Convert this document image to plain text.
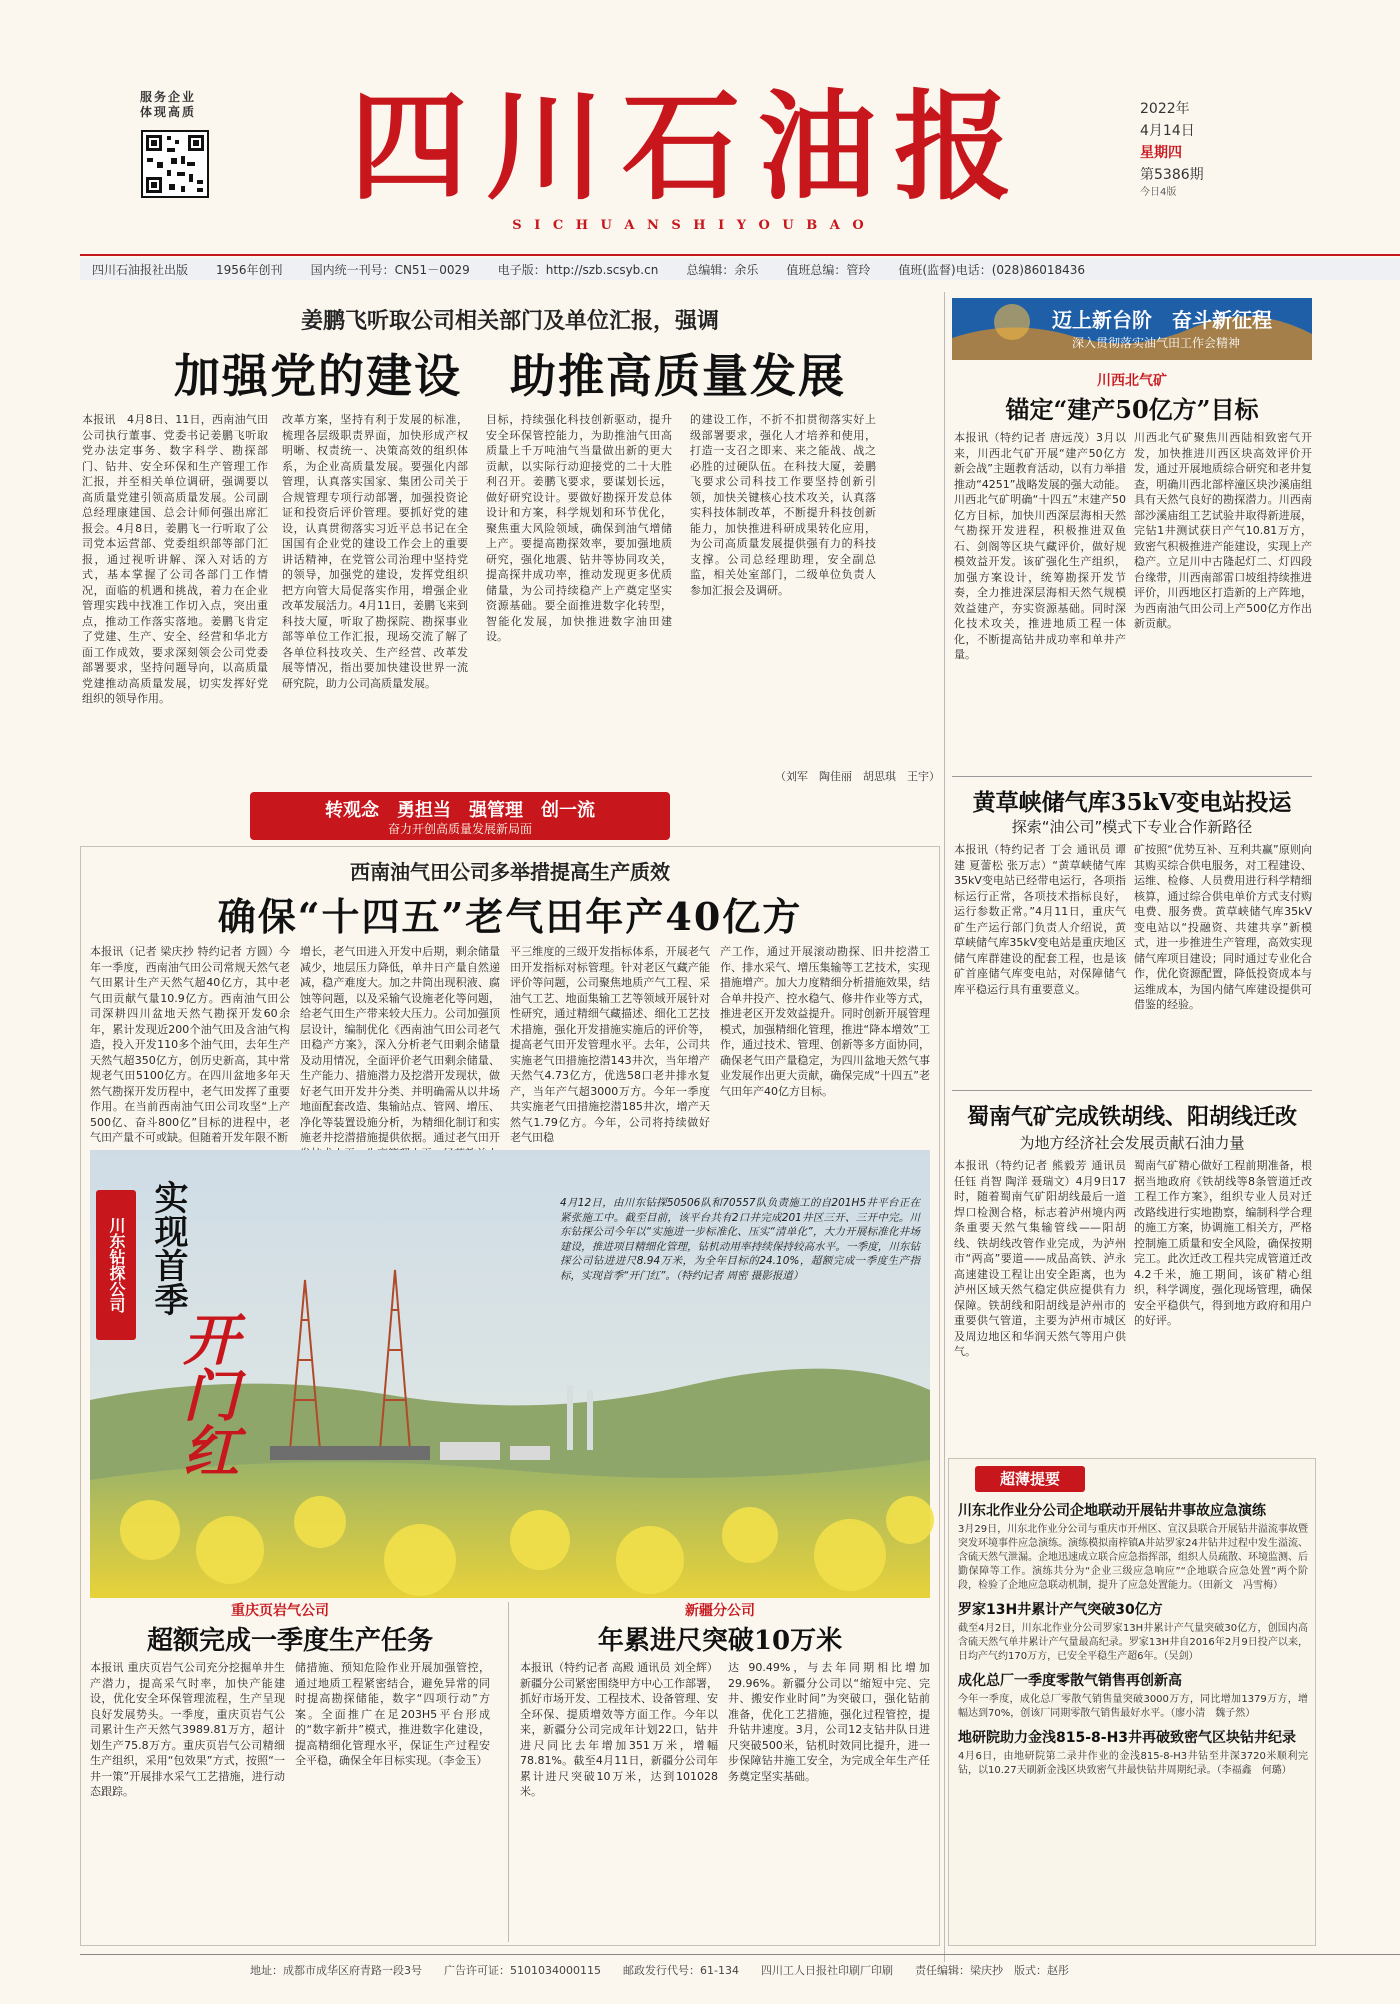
服务企业
体现高质 四川石油报
S I C H U A N S H I Y O U B A O
2022年
4月14日
星期四
第5386期
今日4版
四川石油报社出版 1956年创刊 国内统一刊号：CN51－0029 电子版：http://szb.scsyb.cn 总编辑：余乐 值班总编：管玲 值班(监督)电话：(028)86018436
姜鹏飞听取公司相关部门及单位汇报，强调
加强党的建设　助推高质量发展
本报讯　4月8日、11日，西南油气田公司执行董事、党委书记姜鹏飞听取党办法定事务、数字科学、勘探部门、钻井、安全环保和生产管理工作汇报，并至相关单位调研，强调要以高质量党建引领高质量发展。公司副总经理康建国、总会计师何强出席汇报会。4月8日，姜鹏飞一行听取了公司党本运营部、党委组织部等部门汇报，通过视听讲解、深入对话的方式，基本掌握了公司各部门工作情况，面临的机遇和挑战，着力在企业管理实践中找准工作切入点，突出重点，推动工作落实落地。姜鹏飞肯定了党建、生产、安全、经营和华北方面工作成效，要求深刻领会公司党委部署要求，坚持问题导向，以高质量党建推动高质量发展，切实发挥好党组织的领导作用。
改革方案，坚持有利于发展的标准，梳理各层级职责界面，加快形成产权明晰、权责统一、决策高效的组织体系，为企业高质量发展。要强化内部管理，认真落实国家、集团公司关于合规管理专项行动部署，加强投资论证和投资后评价管理。要抓好党的建设，认真贯彻落实习近平总书记在全国国有企业党的建设工作会上的重要讲话精神，在党管公司治理中坚持党的领导，加强党的建设，发挥党组织把方向管大局促落实作用，增强企业改革发展活力。4月11日，姜鹏飞来到科技大厦，听取了勘探院、勘探事业部等单位工作汇报，现场交流了解了各单位科技攻关、生产经营、改革发展等情况，指出要加快建设世界一流研究院，助力公司高质量发展。
目标，持续强化科技创新驱动，提升安全环保管控能力，为助推油气田高质量上千万吨油气当量做出新的更大贡献，以实际行动迎接党的二十大胜利召开。姜鹏飞要求，要谋划长远，做好研究设计。要做好勘探开发总体设计和方案，科学规划和环节优化，聚焦重大风险领域，确保到油气增储上产。要提高勘探效率，要加强地质研究，强化地震、钻井等协同攻关，提高探井成功率，推动发现更多优质储量，为公司持续稳产上产奠定坚实资源基础。要全面推进数字化转型，智能化发展，加快推进数字油田建设。
的建设工作，不折不扣贯彻落实好上级部署要求，强化人才培养和使用，打造一支召之即来、来之能战、战之必胜的过硬队伍。在科技大厦，姜鹏飞要求公司科技工作要坚持创新引领，加快关键核心技术攻关，认真落实科技体制改革，不断提升科技创新能力，加快推进科研成果转化应用，为公司高质量发展提供强有力的科技支撑。公司总经理助理，安全副总监，相关处室部门，二级单位负责人参加汇报会及调研。
（刘军　陶佳丽　胡思琪　王宇）
转观念　勇担当　强管理　创一流
奋力开创高质量发展新局面
西南油气田公司多举措提高生产质效
确保“十四五”老气田年产40亿方
本报讯（记者 梁庆抄 特约记者 方圆）今年一季度，西南油气田公司常规天然气老气田累计生产天然气超40亿方，其中老气田贡献气量10.9亿方。西南油气田公司深耕四川盆地天然气勘探开发60余年，累计发现近200个油气田及含油气构造，投入开发110多个油气田，去年生产天然气超350亿方，创历史新高，其中常规老气田5100亿方。在四川盆地多年天然气勘探开发历程中，老气田发挥了重要作用。在当前西南油气田公司攻坚“上产500亿、奋斗800亿”目标的进程中，老气田产量不可或缺。但随着开发年限不断
增长，老气田进入开发中后期，剩余储量减少，地层压力降低，单井日产量自然递减，稳产难度大。加之井筒出现积液、腐蚀等问题，以及采输气设施老化等问题，给老气田生产带来较大压力。公司加强顶层设计，编制优化《西南油气田公司老气田稳产方案》，深入分析老气田剩余储量及动用情况，全面评价老气田剩余储量、生产能力、措施潜力及挖潜开发现状，做好老气田开发井分类、并明确需从以井场地面配套改造、集输站点、管网、增压、净化等装置设施分析，为精细化制订和实施老井挖潜措施提供依据。通过老气田开
平三维度的三级开发指标体系，开展老气田开发指标对标管理。针对老区气藏产能评价等问题，公司聚焦地质产气工程、采油气工艺、地面集输工艺等领域开展针对性研究，通过精细气藏描述、细化工艺技术措施，强化开发措施实施后的评价等，提高老气田开发管理水平。去年，公司共实施老气田措施挖潜143井次，当年增产天然气4.73亿方，优选58口老井排水复产，当年产气超3000万方。今年一季度共实施老气田措施挖潜185井次，增产天然气1.79亿方。今年，公司将持续做好老气田稳
产工作，通过开展滚动勘探、旧井挖潜工作、排水采气、增压集输等工艺技术，实现措施增产。加大力度精细分析措施效果，结合单井投产、控水稳气、修井作业等方式，推进老区开发效益提升。同时创新开展管理模式，加强精细化管理，推进“降本增效”工作，通过技术、管理、创新等多方面协同，确保老气田产量稳定，为四川盆地天然气事业发展作出更大贡献，确保完成“十四五”老气田年产40亿方目标。
川东钻探公司 实现首季
开门红
4月12日，由川东钻探50506队和70557队负责施工的自201H5井平台正在紧张施工中。截至目前，该平台共有2口井完成201井区三开、三开中完。川东钻探公司今年以“实施进一步标准化、压实“清单化”，大力开展标准化井场建设，推进项目精细化管理，钻机动用率持续保持较高水平。一季度，川东钻探公司钻进进尺8.94万米，为全年目标的24.10%，超额完成一季度生产指标，实现首季“开门红”。（特约记者 周密 摄影报道）
重庆页岩气公司
超额完成一季度生产任务
本报讯 重庆页岩气公司充分挖掘单井生产潜力，提高采气时率，加快产能建设，优化安全环保管理流程，生产呈现良好发展势头。一季度，重庆页岩气公司累计生产天然气3989.81万方，超计划生产75.8万方。重庆页岩气公司精细生产组织，采用“包效果”方式，按照“一井一策”开展排水采气工艺措施，进行动态跟踪。
储措施、预知危险作业开展加强管控，通过地质工程紧密结合，避免异常的同时提高勘探储能，数字“四项行动”方案。全面推广在足203H5平台形成的“数字新井”模式，推进数字化建设，提高精细化管理水平，保证生产过程安全平稳，确保全年目标实现。（李金玉）
新疆分公司
年累进尺突破10万米
本报讯（特约记者 高殿 通讯员 刘全辉）新疆分公司紧密围绕甲方中心工作部署，抓好市场开发、工程技术、设备管理、安全环保、提质增效等方面工作。今年以来，新疆分公司完成年计划22口，钻井进尺同比去年增加351万米，增幅78.81%。截至4月11日，新疆分公司年累计进尺突破10万米，达到101028米。
达 90.49%，与去年同期相比增加 29.96%。新疆分公司以“缩短中完、完井、搬安作业时间”为突破口，强化钻前准备，优化工艺措施，强化过程管控，提升钻井速度。3月，公司12支钻井队日进尺突破500米，钻机时效同比提升，进一步保障钻井施工安全，为完成全年生产任务奠定坚实基础。
迈上新台阶　奋斗新征程
深入贯彻落实油气田工作会精神
川西北气矿
锚定“建产50亿方”目标
本报讯（特约记者 唐远茂）3月以来，川西北气矿开展“建产50亿方新会战”主题教育活动，以有力举措推动“4251”战略发展的强大动能。川西北气矿明确“十四五”末建产50亿方目标，加快川西深层海相天然气勘探开发进程，积极推进双鱼石、剑阁等区块气藏评价，做好规模效益开发。该矿强化生产组织，加强方案设计，统筹勘探开发节奏，全力推进深层海相天然气规模效益建产，夯实资源基础。同时深化技术攻关，推进地质工程一体化，不断提高钻井成功率和单井产量。
川西北气矿聚焦川西陆相致密气开发，加快推进川西区块高效评价开发，通过开展地质综合研究和老井复查，明确川西北部梓潼区块沙溪庙组具有天然气良好的勘探潜力。川西南部沙溪庙组工艺试验井取得新进展，完钻1井测试获日产气10.81万方，致密气积极推进产能建设，实现上产稳产。立足川中古隆起灯二、灯四段台缘带，川西南部雷口坡组持续推进评价，川西地区打造新的上产阵地，为西南油气田公司上产500亿方作出新贡献。
黄草峡储气库35kV变电站投运
探索“油公司”模式下专业合作新路径
本报讯（特约记者 丁会 通讯员 谭建 夏蕾松 张万志）“黄草峡储气库35kV变电站已经带电运行，各项指标运行正常，各项技术指标良好，运行参数正常。”4月11日，重庆气矿生产运行部门负责人介绍说，黄草峡储气库35kV变电站是重庆地区储气库群建设的配套工程，也是该矿首座储气库变电站，对保障储气库平稳运行具有重要意义。
矿按照“优势互补、互利共赢”原则向其购买综合供电服务，对工程建设、运维、检修、人员费用进行科学精细核算，通过综合供电单价方式支付购电费、服务费。黄草峡储气库35kV变电站以“投融资、共建共享”新模式，进一步推进生产管理，高效实现储气库项目建设；同时通过专业化合作，优化资源配置，降低投资成本与运维成本，为国内储气库建设提供可借鉴的经验。
蜀南气矿完成铁胡线、阳胡线迁改
为地方经济社会发展贡献石油力量
本报讯（特约记者 熊毅芳 通讯员 任钰 肖智 陶洋 聂瑞文）4月9日17时，随着蜀南气矿阳胡线最后一道焊口检测合格，标志着泸州境内两条重要天然气集输管线——阳胡线、铁胡线改管作业完成，为泸州市“两高”要道——成品高铁、泸永高速建设工程让出安全距离，也为泸州区域天然气稳定供应提供有力保障。铁胡线和阳胡线是泸州市的重要供气管道，主要为泸州市城区及周边地区和华润天然气等用户供气。
蜀南气矿精心做好工程前期准备，根据当地政府《铁胡线等8条管道迁改工程工作方案》，组织专业人员对迁改路线进行实地勘察，编制科学合理的施工方案，协调施工相关方，严格控制施工质量和安全风险，确保按期完工。此次迁改工程共完成管道迁改4.2千米，施工期间，该矿精心组织，科学调度，强化现场管理，确保安全平稳供气，得到地方政府和用户的好评。
超薄提要
川东北作业分公司企地联动开展钻井事故应急演练
3月29日，川东北作业分公司与重庆市开州区、宣汉县联合开展钻井溢流事故暨突发环境事件应急演练。演练模拟南梓镇A井站罗家24井钻井过程中发生溢流、含硫天然气泄漏。企地迅速成立联合应急指挥部，组织人员疏散、环境监测、后勤保障等工作。演练共分为“企业三级应急响应”“企地联合应急处置”两个阶段，检验了企地应急联动机制，提升了应急处置能力。（田新文　冯雪梅）
罗家13H井累计产气突破30亿方
截至4月2日，川东北作业分公司罗家13H井累计产气量突破30亿方，创国内高含硫天然气单井累计产气量最高纪录。罗家13H井自2016年2月9日投产以来，日均产气约170万方，已安全平稳生产超6年。（吴剑）
成化总厂一季度零散气销售再创新高
今年一季度，成化总厂零散气销售量突破3000万方，同比增加1379万方，增幅达到70%，创该厂同期零散气销售最好水平。（廖小清　魏子然）
地研院助力金浅815-8-H3井再破致密气区块钻井纪录
4月6日，由地研院第二录井作业的金浅815-8-H3井钻至井深3720米顺利完钻，以10.27天刷新金浅区块致密气井最快钻井周期纪录。（李福鑫　何璐）
地址：成都市成华区府青路一段3号 广告许可证：5101034000115 邮政发行代号：61-134 四川工人日报社印刷厂印刷 责任编辑：梁庆抄　版式：赵彤
